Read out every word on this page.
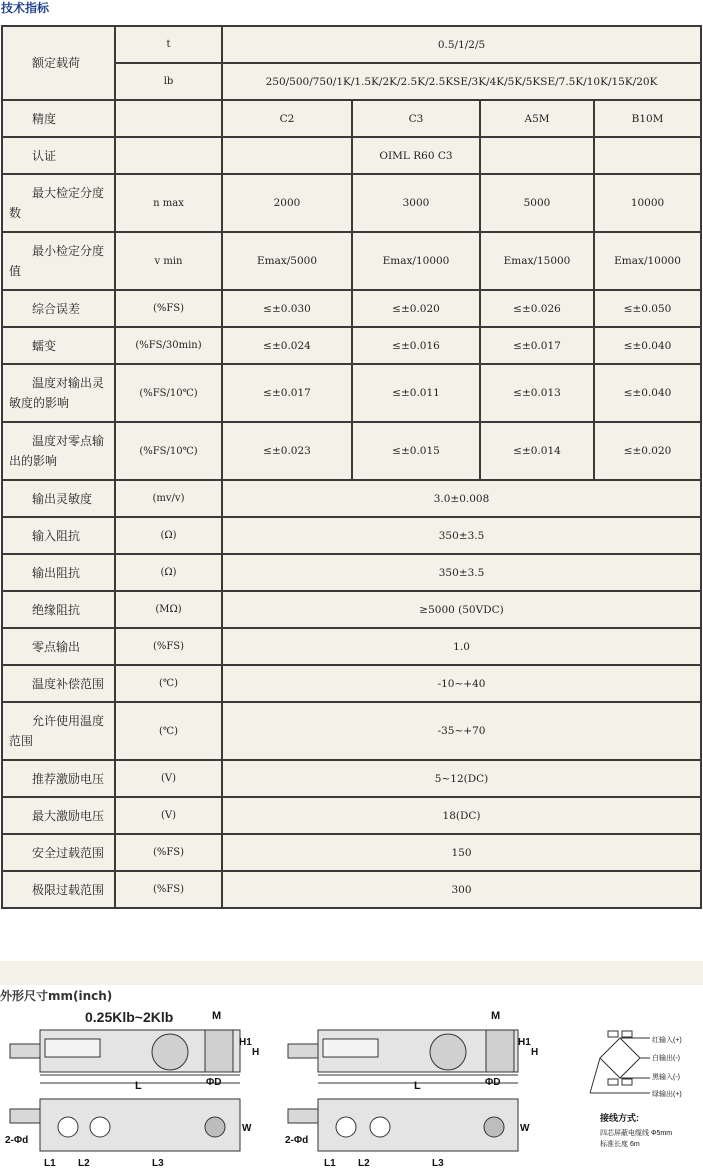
技术指标
额定载荷	t	0.5/1/2/5			
	lb	250/500/750/1K/1.5K/2K/2.5K/2.5KSE/3K/4K/5K/5KSE/7.5K/10K/15K/20K			
精度		C2	C3	A5M	B10M
认证			OIML R60 C3		
最大检定分度
数	n max	2000	3000	5000	10000
最小检定分度
值	v min	Emax/5000	Emax/10000	Emax/15000	Emax/10000
综合误差	(%FS)	≤±0.030	≤±0.020	≤±0.026	≤±0.050
蠕变	(%FS/30min)	≤±0.024	≤±0.016	≤±0.017	≤±0.040
温度对输出灵
敏度的影响	(%FS/10℃)	≤±0.017	≤±0.011	≤±0.013	≤±0.040
温度对零点输
出的影响	(%FS/10℃)	≤±0.023	≤±0.015	≤±0.014	≤±0.020
输出灵敏度	(mv/v)	3.0±0.008			
输入阻抗	(Ω)	350±3.5			
输出阻抗	(Ω)	350±3.5			
绝缘阻抗	(MΩ)	≥5000 (50VDC)			
零点输出	(%FS)	1.0			
温度补偿范围	(℃)	-10~+40			
允许使用温度
范围	(℃)	-35~+70			
推荐激励电压	(V)	5~12(DC)			
最大激励电压	(V)	18(DC)			
安全过载范围	(%FS)	150			
极限过载范围	(%FS)	300			
外形尺寸mm(inch)
0.25Klb~2Klb	M
H1
H
L	ΦD
2-Φd
W
L1 L2	L3
M
H1
H
L	ΦD
2-Φd
W
L1 L2	L3
红输入(+)
白输出(-)
黑输入(-)
绿输出(+)
接线方式:
四芯屏蔽电缆线 Φ5mm
标准长度 6m
